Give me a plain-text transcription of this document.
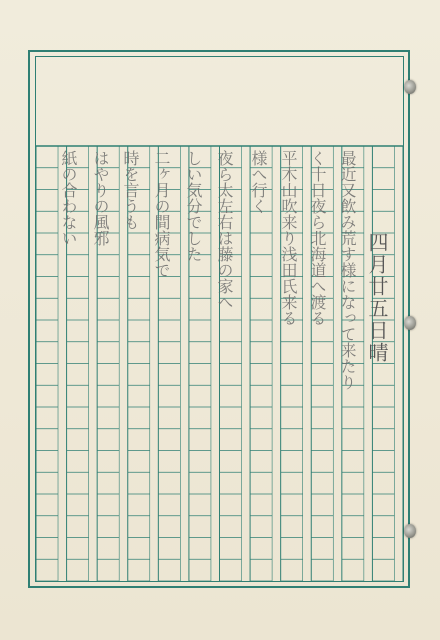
四月廿五日晴
最近又飲み荒す様になって来たり
く十日夜ら北海道へ渡る
平木山吹来り浅田氏来る
様へ行く
夜ら太左右は藤の家へ
しい気分でした
二ヶ月の間病気で
時を言うも
はやりの風邪
紙の合わない
